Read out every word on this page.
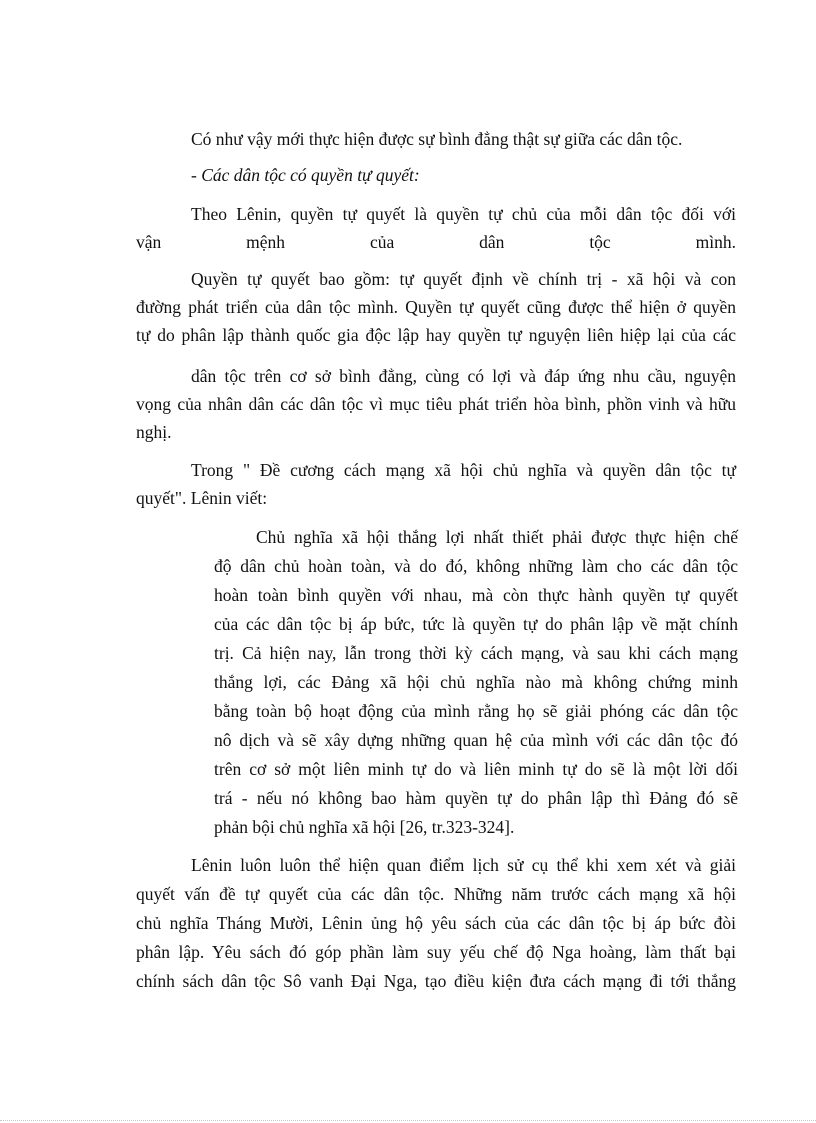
Có như vậy mới thực hiện được sự bình đẳng thật sự giữa các dân tộc.

- Các dân tộc có quyền tự quyết:

Theo Lênin, quyền tự quyết là quyền tự chủ của mỗi dân tộc đối với

vận	mệnh	của	dân	tộc	mình.

Quyền tự quyết bao gồm: tự quyết định về chính trị - xã hội và con

đường phát triển của dân tộc mình. Quyền tự quyết cũng được thể hiện ở quyền

tự do phân lập thành quốc gia độc lập hay quyền tự nguyện liên hiệp lại của các

dân tộc trên cơ sở bình đẳng, cùng có lợi và đáp ứng nhu cầu, nguyện

vọng của nhân dân các dân tộc vì mục tiêu phát triển hòa bình, phồn vinh và hữu

nghị.

Trong " Đề cương cách mạng xã hội chủ nghĩa và quyền dân tộc tự

quyết". Lênin viết:

Chủ nghĩa xã hội thắng lợi nhất thiết phải được thực hiện chế

độ dân chủ hoàn toàn, và do đó, không những làm cho các dân tộc

hoàn toàn bình quyền với nhau, mà còn thực hành quyền tự quyết

của các dân tộc bị áp bức, tức là quyền tự do phân lập về mặt chính

trị. Cả hiện nay, lẫn trong thời kỳ cách mạng, và sau khi cách mạng

thắng lợi, các Đảng xã hội chủ nghĩa nào mà không chứng minh

bằng toàn bộ hoạt động của mình rằng họ sẽ giải phóng các dân tộc

nô dịch và sẽ xây dựng những quan hệ của mình với các dân tộc đó

trên cơ sở một liên minh tự do và liên minh tự do sẽ là một lời dối

trá - nếu nó không bao hàm quyền tự do phân lập thì Đảng đó sẽ

phản bội chủ nghĩa xã hội [26, tr.323-324].

Lênin luôn luôn thể hiện quan điểm lịch sử cụ thể khi xem xét và giải

quyết vấn đề tự quyết của các dân tộc. Những năm trước cách mạng xã hội

chủ nghĩa Tháng Mười, Lênin ủng hộ yêu sách của các dân tộc bị áp bức đòi

phân lập. Yêu sách đó góp phần làm suy yếu chế độ Nga hoàng, làm thất bại

chính sách dân tộc Sô vanh Đại Nga, tạo điều kiện đưa cách mạng đi tới thắng
